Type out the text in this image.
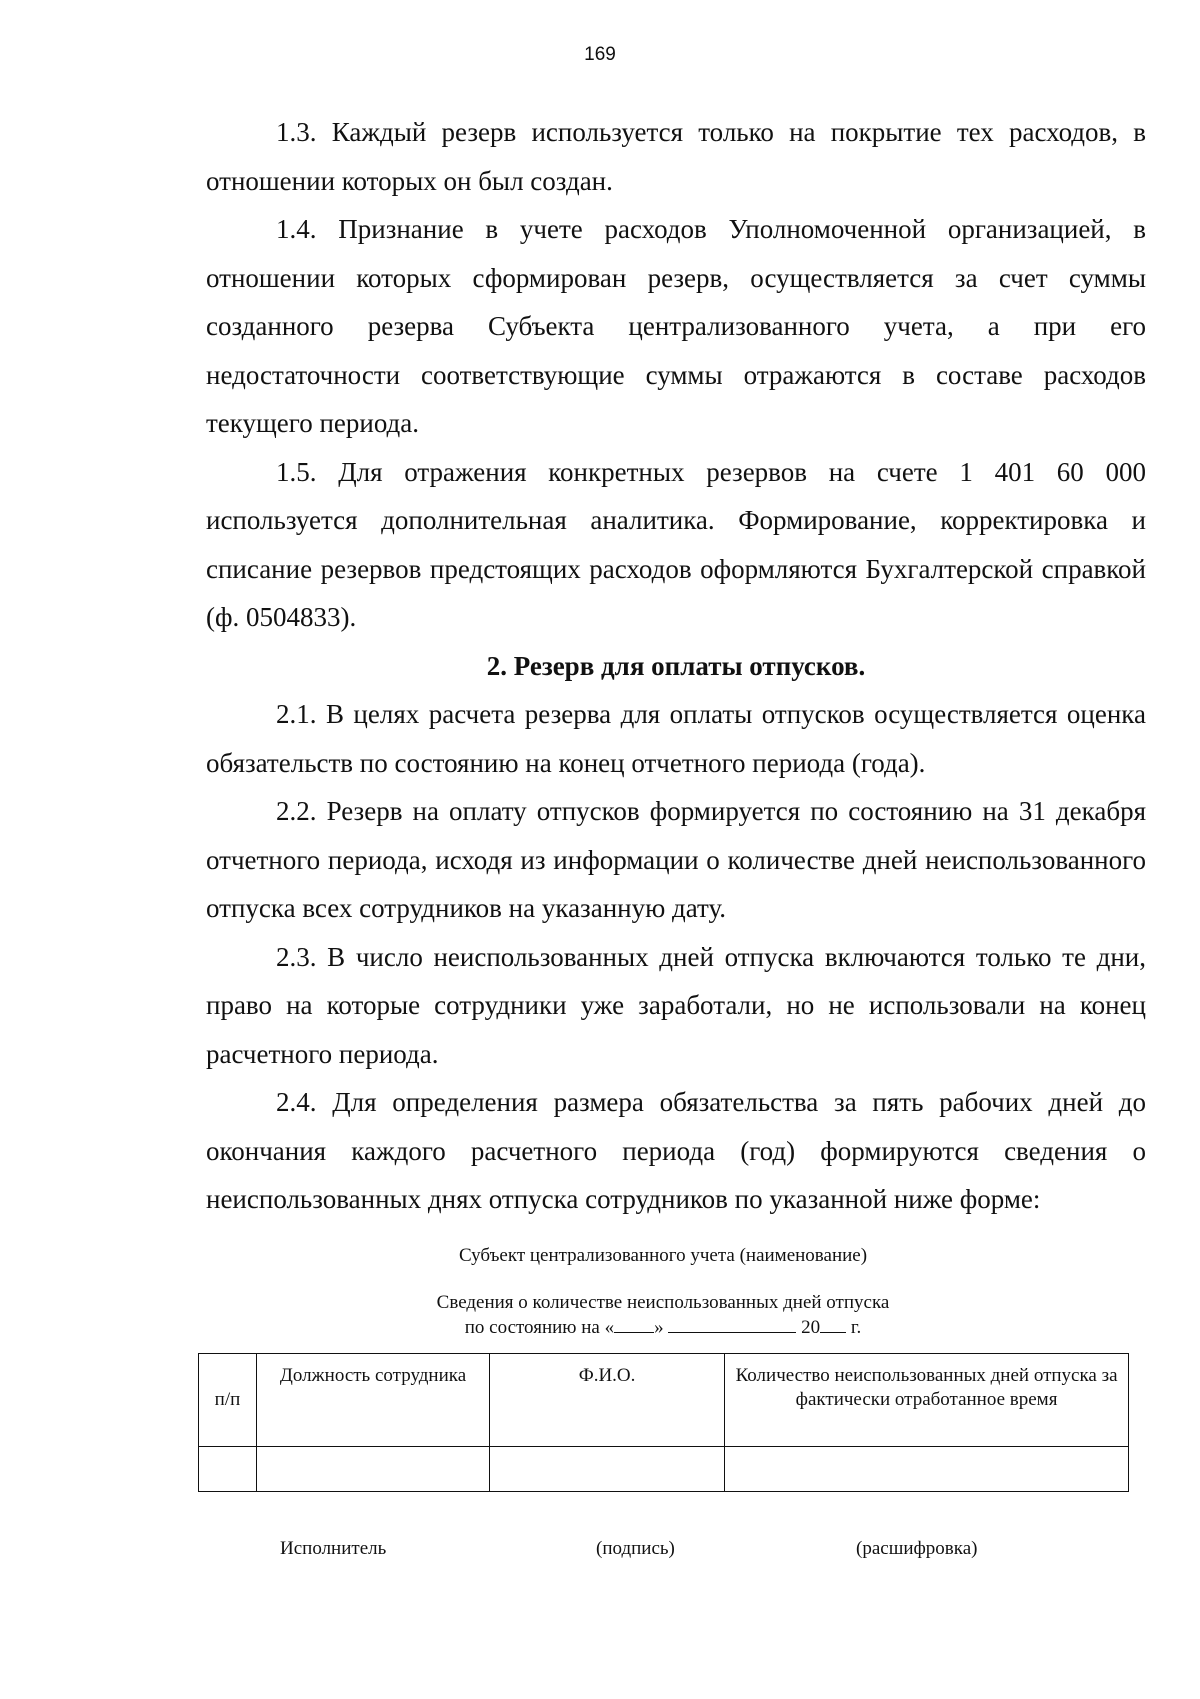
169

1.3. Каждый резерв используется только на покрытие тех расходов, в отношении которых он был создан.

1.4. Признание в учете расходов Уполномоченной организацией, в отношении которых сформирован резерв, осуществляется за счет суммы созданного резерва Субъекта централизованного учета, а при его недостаточности соответствующие суммы отражаются в составе расходов текущего периода.

1.5. Для отражения конкретных резервов на счете 1 401 60 000 используется дополнительная аналитика. Формирование, корректировка и списание резервов предстоящих расходов оформляются Бухгалтерской справкой (ф. 0504833).

2. Резерв для оплаты отпусков.

2.1. В целях расчета резерва для оплаты отпусков осуществляется оценка обязательств по состоянию на конец отчетного периода (года).

2.2. Резерв на оплату отпусков формируется по состоянию на 31 декабря отчетного периода, исходя из информации о количестве дней неиспользованного отпуска всех сотрудников на указанную дату.

2.3. В число неиспользованных дней отпуска включаются только те дни, право на которые сотрудники уже заработали, но не использовали на конец расчетного периода.

2.4. Для определения размера обязательства за пять рабочих дней до окончания каждого расчетного периода (год) формируются сведения о неиспользованных днях отпуска сотрудников по указанной ниже форме:

Субъект централизованного учета (наименование)
Сведения о количестве неиспользованных дней отпуска
по состоянию на « »	20 г.
п/п	Должность сотрудника	Ф.И.О.	Количество неиспользованных дней отпуска за фактически отработанное время

Исполнитель	(подпись)	(расшифровка)
